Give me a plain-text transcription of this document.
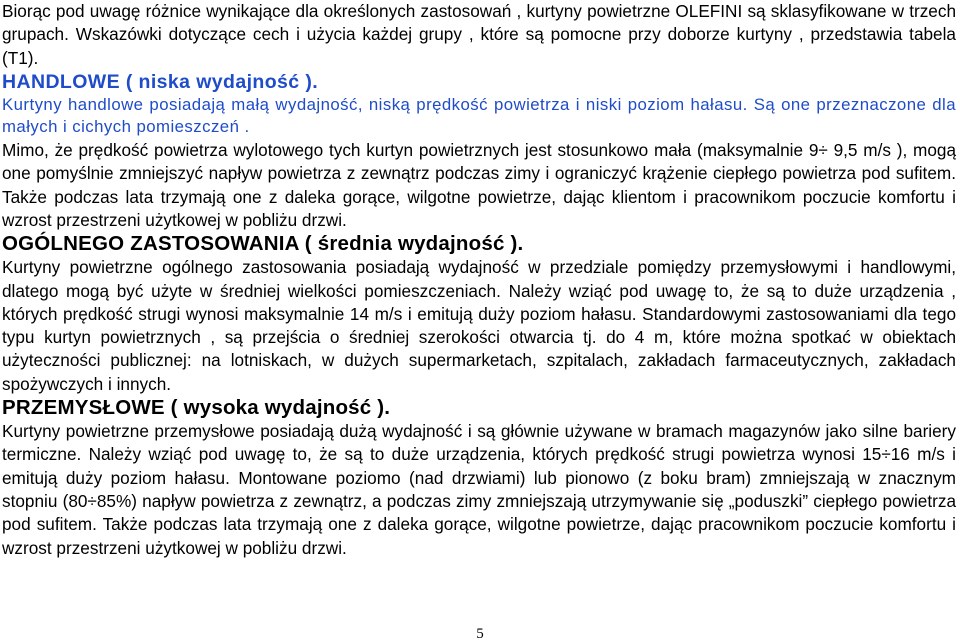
Biorąc pod uwagę różnice wynikające dla określonych zastosowań , kurtyny powietrzne OLEFINI są sklasyfikowane w trzech grupach. Wskazówki dotyczące cech i użycia każdej grupy , które są pomocne przy doborze kurtyny , przedstawia tabela (T1).

HANDLOWE ( niska wydajność ).

Kurtyny handlowe posiadają małą wydajność, niską prędkość powietrza i niski poziom hałasu. Są one przeznaczone dla małych i cichych pomieszczeń .

Mimo, że prędkość powietrza wylotowego tych kurtyn powietrznych jest stosunkowo mała (maksymalnie 9÷ 9,5 m/s ), mogą one pomyślnie zmniejszyć napływ powietrza z zewnątrz podczas zimy i ograniczyć krążenie ciepłego powietrza pod sufitem. Także podczas lata trzymają one z daleka gorące, wilgotne powietrze, dając klientom i pracownikom poczucie komfortu i wzrost przestrzeni użytkowej w pobliżu drzwi.

OGÓLNEGO ZASTOSOWANIA ( średnia wydajność ).

Kurtyny powietrzne ogólnego zastosowania posiadają wydajność w przedziale pomiędzy przemysłowymi i handlowymi, dlatego mogą być użyte w średniej wielkości pomieszczeniach. Należy wziąć pod uwagę to, że są to duże urządzenia , których prędkość strugi wynosi maksymalnie 14 m/s i emitują duży poziom hałasu. Standardowymi zastosowaniami dla tego typu kurtyn powietrznych , są przejścia o średniej szerokości otwarcia tj. do 4 m, które można spotkać w obiektach użyteczności publicznej: na lotniskach, w dużych supermarketach, szpitalach, zakładach farmaceutycznych, zakładach spożywczych i innych.

PRZEMYSŁOWE ( wysoka wydajność ).

Kurtyny powietrzne przemysłowe posiadają dużą wydajność i są głównie używane w bramach magazynów jako silne bariery termiczne. Należy wziąć pod uwagę to, że są to duże urządzenia, których prędkość strugi powietrza wynosi 15÷16 m/s i emitują duży poziom hałasu. Montowane poziomo (nad drzwiami) lub pionowo (z boku bram) zmniejszają w znacznym stopniu (80÷85%) napływ powietrza z zewnątrz, a podczas zimy zmniejszają utrzymywanie się „poduszki” ciepłego powietrza pod sufitem. Także podczas lata trzymają one z daleka gorące, wilgotne powietrze, dając pracownikom poczucie komfortu i wzrost przestrzeni użytkowej w pobliżu drzwi.

5
